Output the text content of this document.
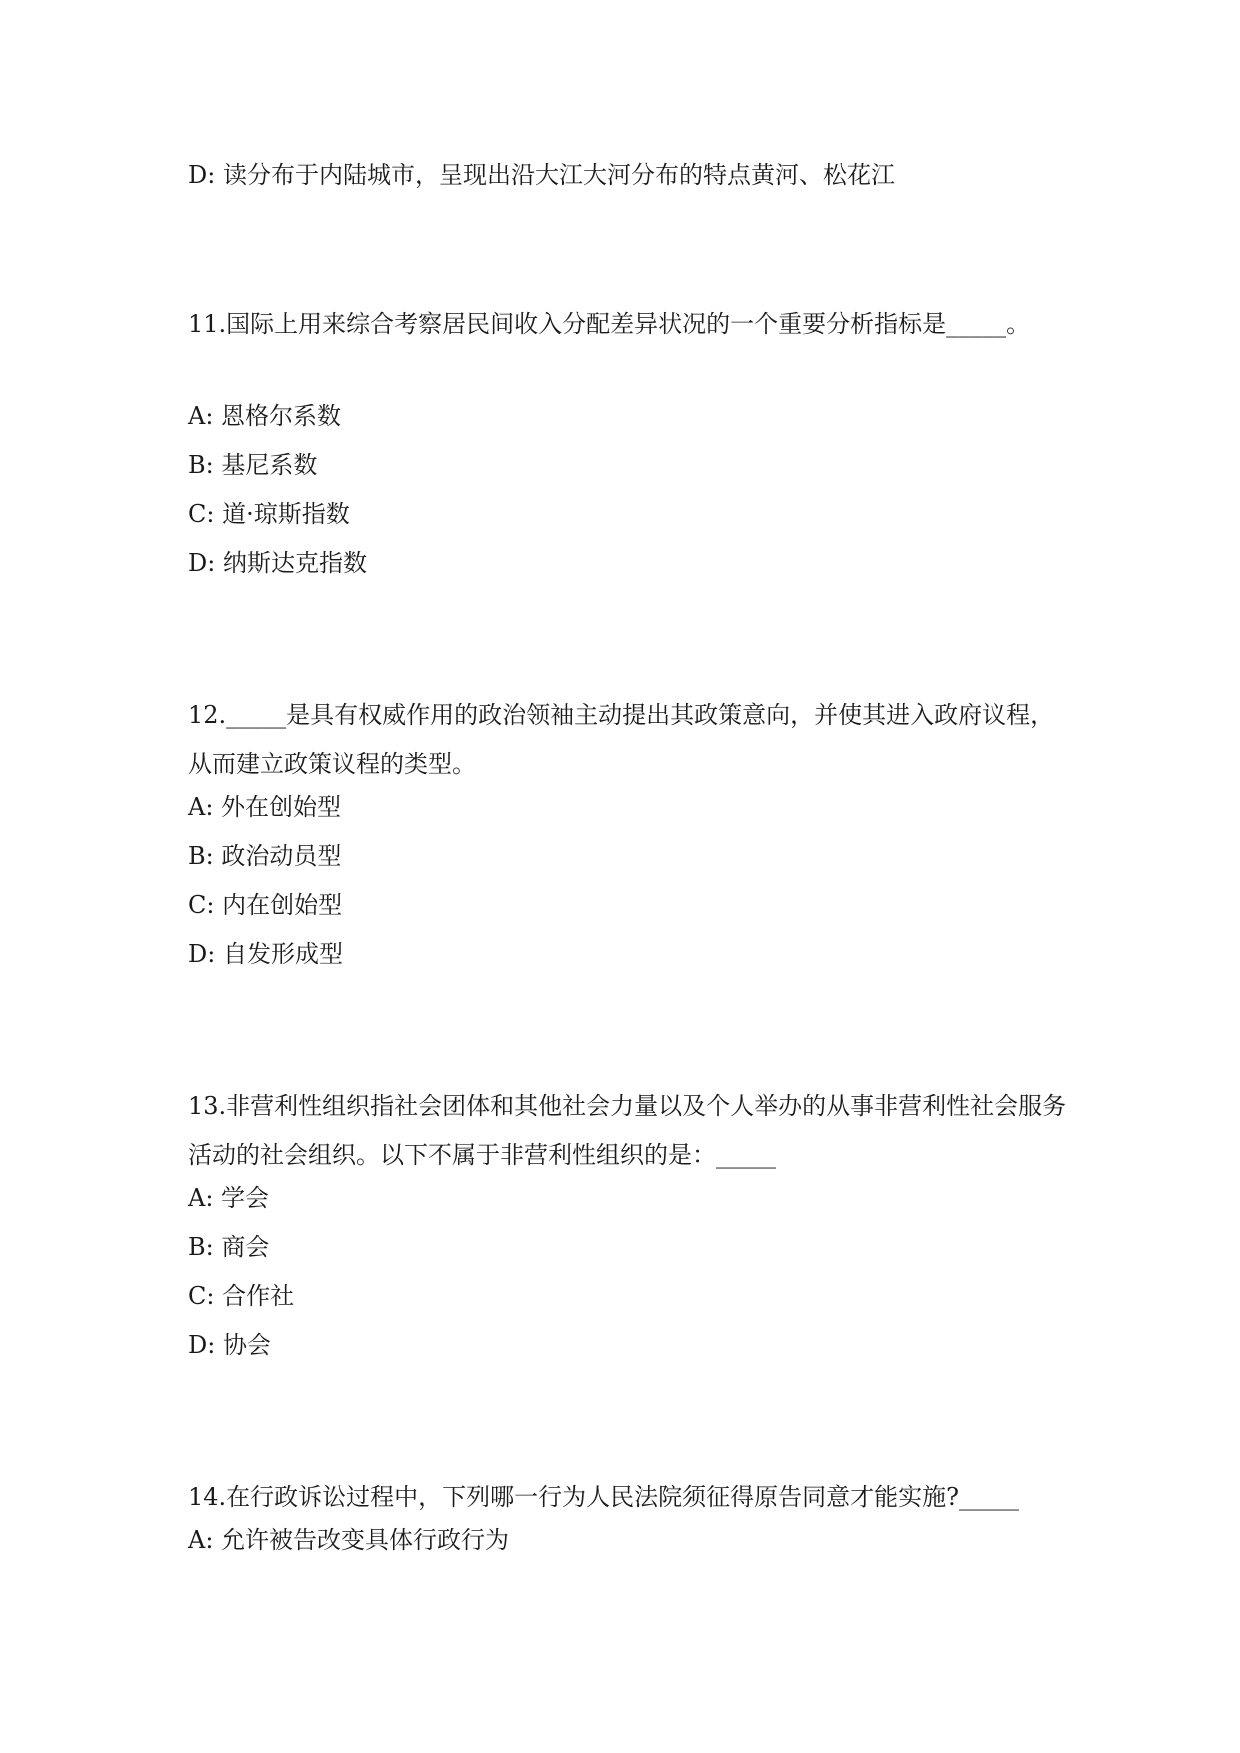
D: 读分布于内陆城市，呈现出沿大江大河分布的特点黄河、松花江

11.国际上用来综合考察居民间收入分配差异状况的一个重要分析指标是_____。

A: 恩格尔系数

B: 基尼系数

C: 道·琼斯指数

D: 纳斯达克指数

12._____是具有权威作用的政治领袖主动提出其政策意向，并使其进入政府议程，从而建立政策议程的类型。

A: 外在创始型

B: 政治动员型

C: 内在创始型

D: 自发形成型

13.非营利性组织指社会团体和其他社会力量以及个人举办的从事非营利性社会服务活动的社会组织。以下不属于非营利性组织的是：_____

A: 学会

B: 商会

C: 合作社

D: 协会

14.在行政诉讼过程中，下列哪一行为人民法院须征得原告同意才能实施?_____

A: 允许被告改变具体行政行为
